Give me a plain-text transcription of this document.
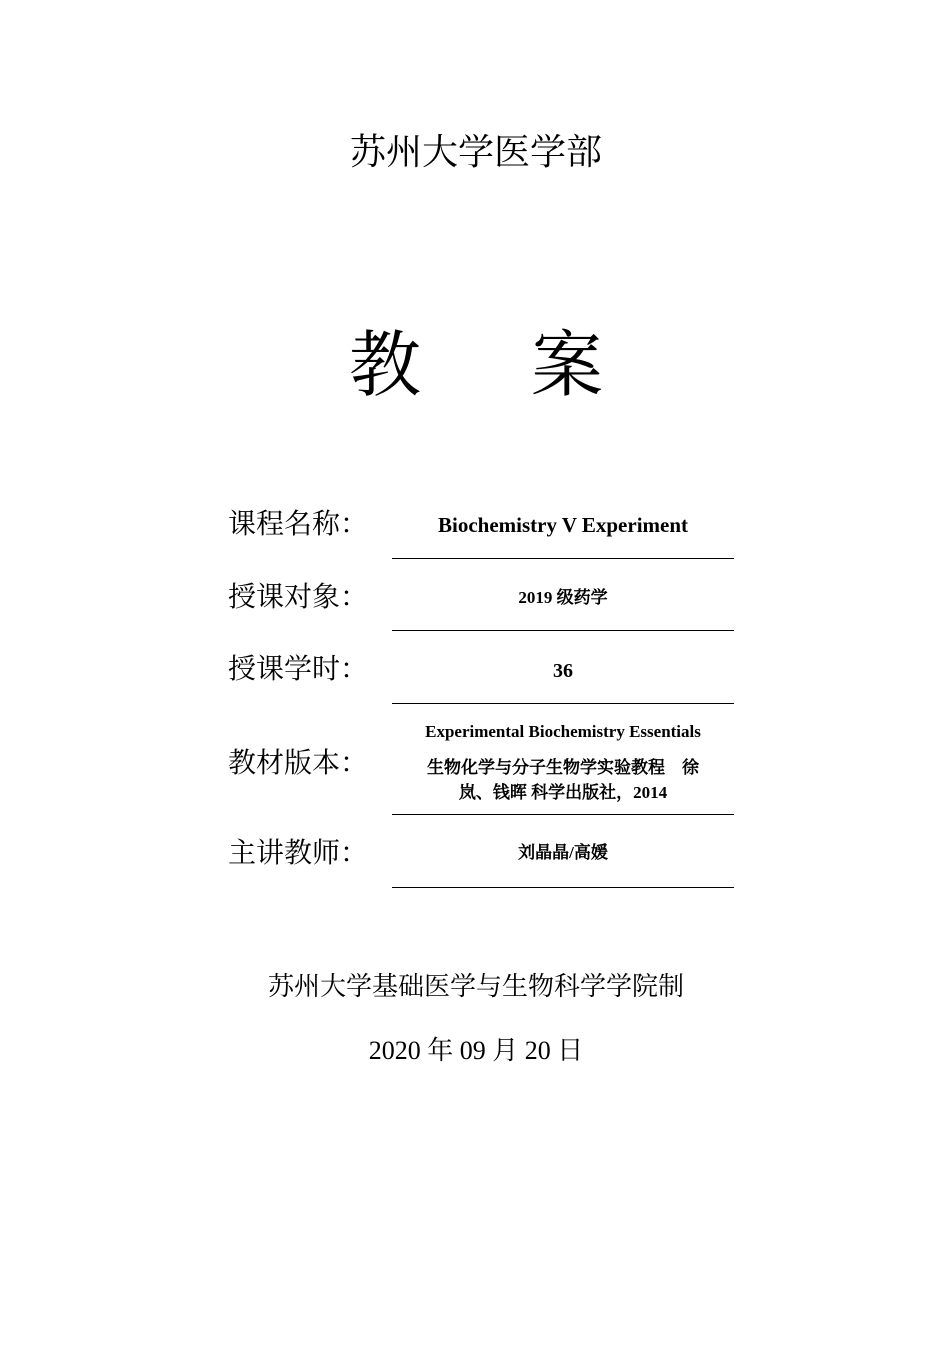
苏州大学医学部
教 案
课程名称：	Biochemistry V Experiment
授课对象：	2019 级药学
授课学时：	36
教材版本：
Experimental Biochemistry Essentials
生物化学与分子生物学实验教程　徐
岚、钱晖 科学出版社，2014
主讲教师：	刘晶晶/高媛
苏州大学基础医学与生物科学学院制
2020 年 09 月 20 日
